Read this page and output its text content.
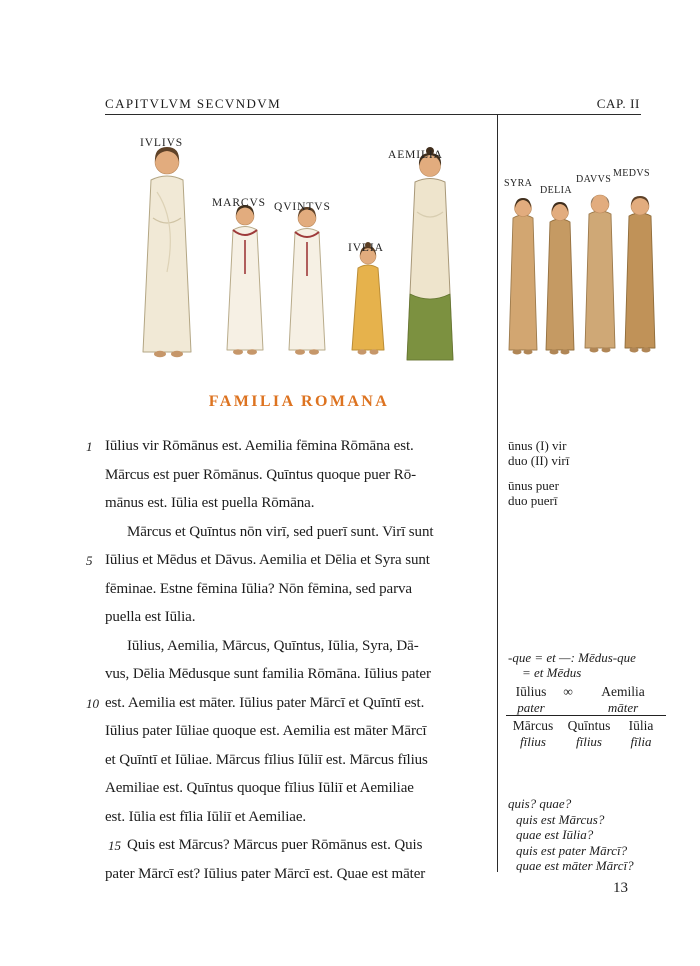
CAPITVLVM SECVNDVM	CAP. II
IVLIVS
MARCVS QVINTVS
IVLIA
AEMILIA
SYRA
DELIA
DAVVS
MEDVS
FAMILIA ROMANA
1 Iūlius vir Rōmānus est. Aemilia fēmina Rōmāna est.
Mārcus est puer Rōmānus. Quīntus quoque puer Rō-
mānus est. Iūlia est puella Rōmāna.
Mārcus et Quīntus nōn virī, sed puerī sunt. Virī sunt
5 Iūlius et Mēdus et Dāvus. Aemilia et Dēlia et Syra sunt
fēminae. Estne fēmina Iūlia? Nōn fēmina, sed parva
puella est Iūlia.
Iūlius, Aemilia, Mārcus, Quīntus, Iūlia, Syra, Dā-
vus, Dēlia Mēdusque sunt familia Rōmāna. Iūlius pater
10 est. Aemilia est māter. Iūlius pater Mārcī et Quīntī est.
Iūlius pater Iūliae quoque est. Aemilia est māter Mārcī
et Quīntī et Iūliae. Mārcus fīlius Iūliī est. Mārcus fīlius
Aemiliae est. Quīntus quoque fīlius Iūliī et Aemiliae
est. Iūlia est fīlia Iūliī et Aemiliae.
15 Quis est Mārcus? Mārcus puer Rōmānus est. Quis
pater Mārcī est? Iūlius pater Mārcī est. Quae est māter
ūnus (I) vir
duo (II) virī
ūnus puer
duo puerī
-que = et —: Mēdus-que
= et Mēdus
Iūlius	∞	Aemilia
pater	māter
Mārcus	Quīntus	Iūlia
fīlius	fīlius	fīlia
quis? quae?
quis est Mārcus?
quae est Iūlia?
quis est pater Mārcī?
quae est māter Mārcī?
13
